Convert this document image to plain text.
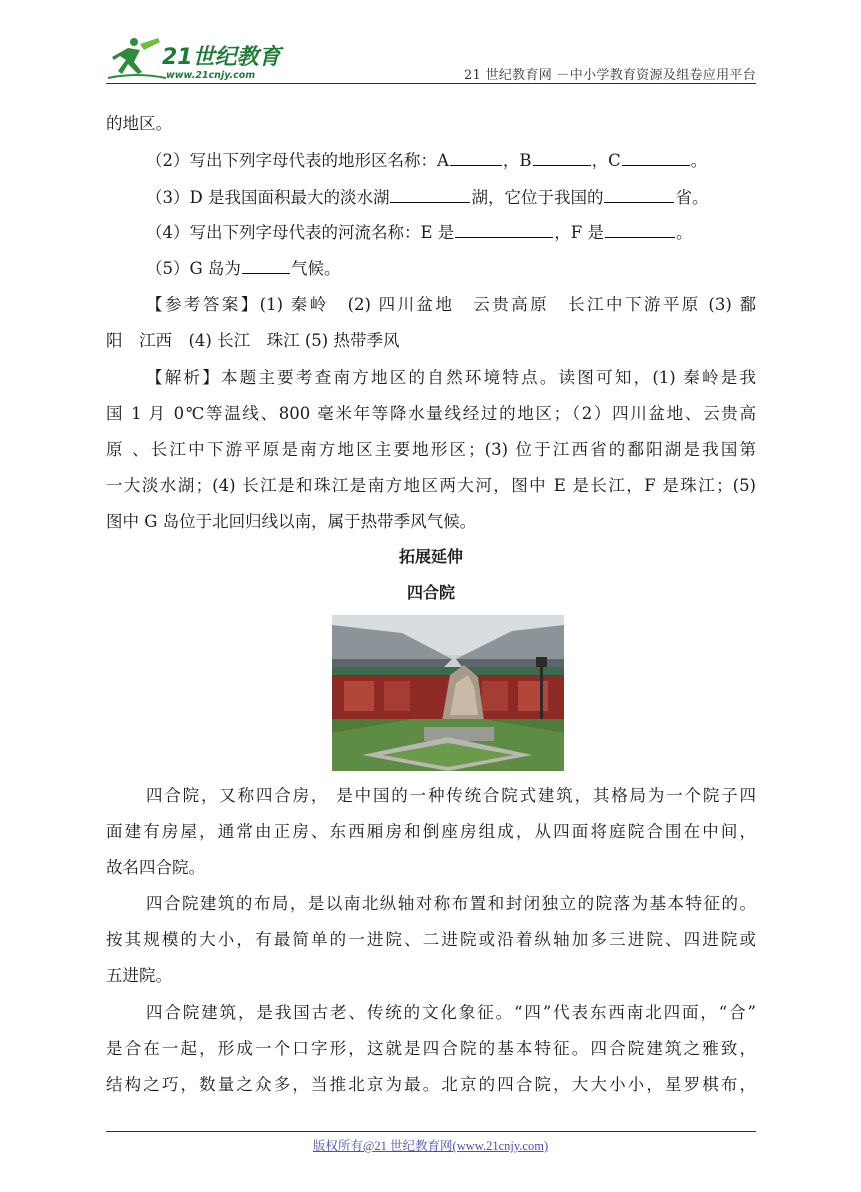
21世纪教育
www.21cnjy.com	21 世纪教育网 －中小学教育资源及组卷应用平台
的地区。
（2）写出下列字母代表的地形区名称：A	，B	，C	。
（3）D 是我国面积最大的淡水湖	湖，它位于我国的	省。
（4）写出下列字母代表的河流名称：E 是	，F 是	。
（5）G 岛为	气候。
【参考答案】(1) 秦岭　(2) 四川盆地　云贵高原　长江中下游平原 (3) 鄱
阳　江西　(4) 长江　珠江 (5) 热带季风
【解析】本题主要考查南方地区的自然环境特点。读图可知，(1) 秦岭是我
国 1 月 0℃等温线、800 毫米年等降水量线经过的地区；（2）四川盆地、云贵高
原 、长江中下游平原是南方地区主要地形区；(3) 位于江西省的鄱阳湖是我国第
一大淡水湖；(4) 长江是和珠江是南方地区两大河，图中 E 是长江，F 是珠江；(5)
图中 G 岛位于北回归线以南，属于热带季风气候。
拓展延伸
四合院
四合院，又称四合房， 是中国的一种传统合院式建筑，其格局为一个院子四
面建有房屋，通常由正房、东西厢房和倒座房组成，从四面将庭院合围在中间，
故名四合院。
四合院建筑的布局，是以南北纵轴对称布置和封闭独立的院落为基本特征的。
按其规模的大小，有最简单的一进院、二进院或沿着纵轴加多三进院、四进院或
五进院。
四合院建筑，是我国古老、传统的文化象征。“四”代表东西南北四面，“合”
是合在一起，形成一个口字形，这就是四合院的基本特征。四合院建筑之雅致，
结构之巧，数量之众多，当推北京为最。北京的四合院，大大小小，星罗棋布，
版权所有@21 世纪教育网(www.21cnjy.com)
